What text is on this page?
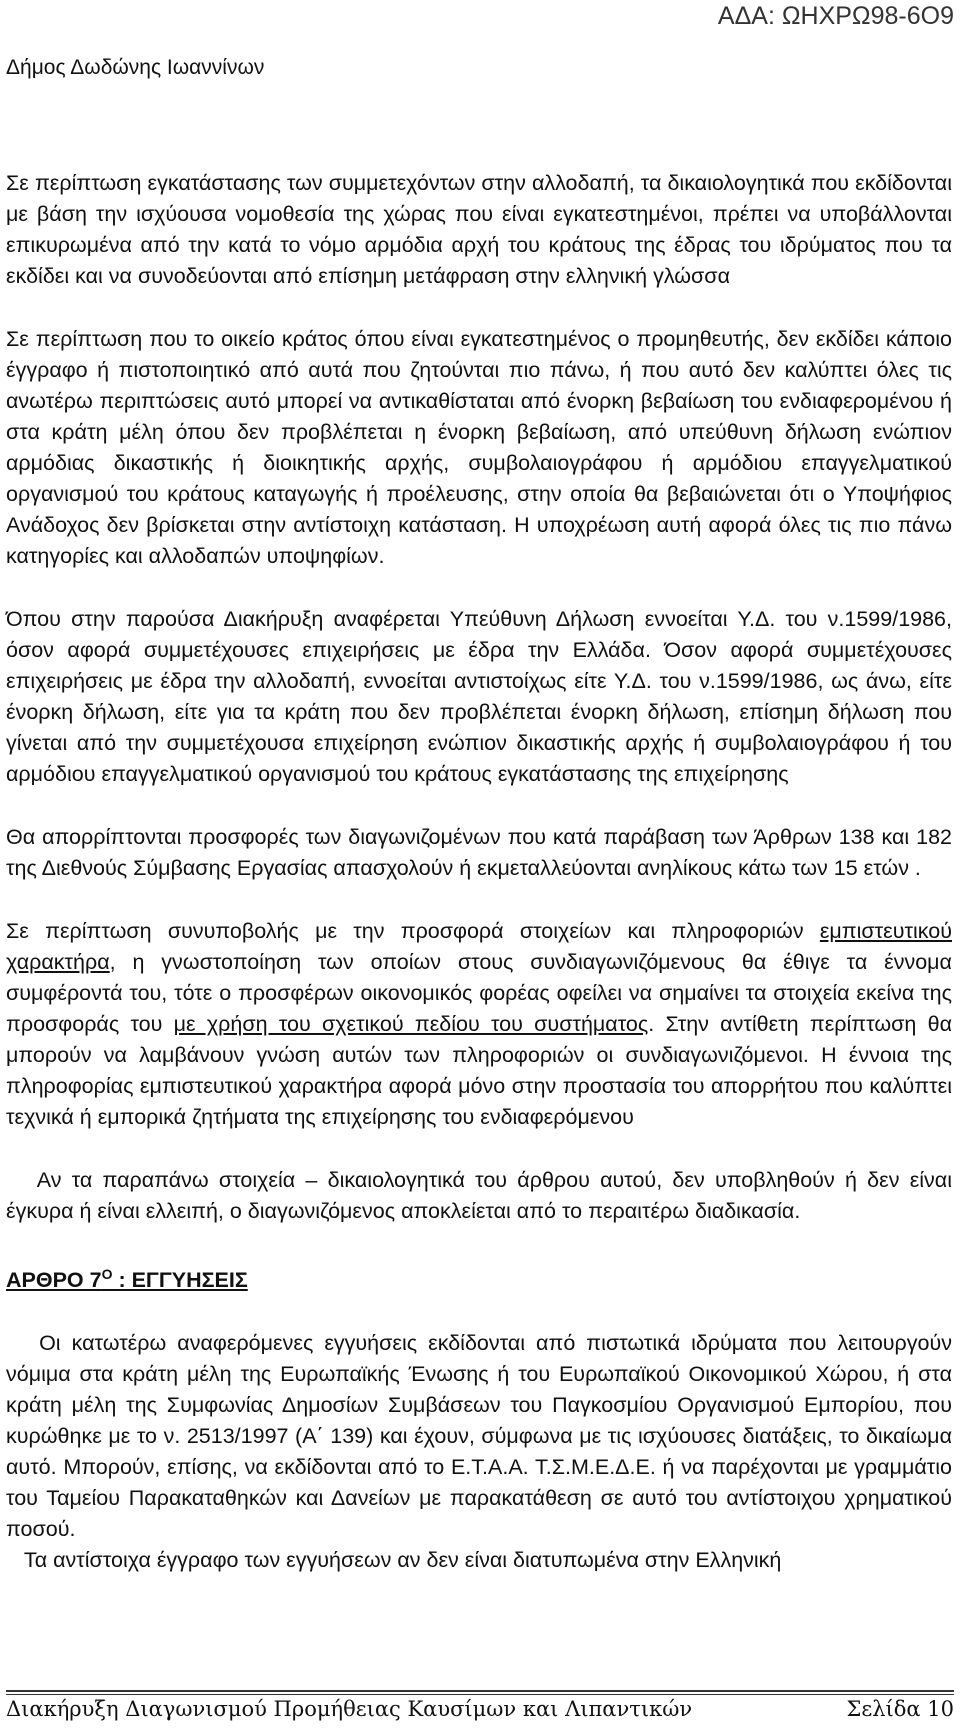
ΑΔΑ: ΩΗΧΡΩ98-6Ο9
Δήμος Δωδώνης Ιωαννίνων

Σε περίπτωση εγκατάστασης των συμμετεχόντων στην αλλοδαπή, τα δικαιολογητικά που εκδίδονται με βάση την ισχύουσα νομοθεσία της χώρας που είναι εγκατεστημένοι, πρέπει να υποβάλλονται επικυρωμένα από την κατά το νόμο αρμόδια αρχή του κράτους της έδρας του ιδρύματος που τα εκδίδει και να συνοδεύονται από επίσημη μετάφραση στην ελληνική γλώσσα

Σε περίπτωση που το οικείο κράτος όπου είναι εγκατεστημένος ο προμηθευτής, δεν εκδίδει κάποιο έγγραφο ή πιστοποιητικό από αυτά που ζητούνται πιο πάνω, ή που αυτό δεν καλύπτει όλες τις ανωτέρω περιπτώσεις αυτό μπορεί να αντικαθίσταται από ένορκη βεβαίωση του ενδιαφερομένου ή στα κράτη μέλη όπου δεν προβλέπεται η ένορκη βεβαίωση, από υπεύθυνη δήλωση ενώπιον αρμόδιας δικαστικής ή διοικητικής αρχής, συμβολαιογράφου ή αρμόδιου επαγγελματικού οργανισμού του κράτους καταγωγής ή προέλευσης, στην οποία θα βεβαιώνεται ότι ο Υποψήφιος Ανάδοχος δεν βρίσκεται στην αντίστοιχη κατάσταση. Η υποχρέωση αυτή αφορά όλες τις πιο πάνω κατηγορίες και αλλοδαπών υποψηφίων.

Όπου στην παρούσα Διακήρυξη αναφέρεται Υπεύθυνη Δήλωση εννοείται Υ.Δ. του ν.1599/1986, όσον αφορά συμμετέχουσες επιχειρήσεις με έδρα την Ελλάδα. Όσον αφορά συμμετέχουσες επιχειρήσεις με έδρα την αλλοδαπή, εννοείται αντιστοίχως είτε Υ.Δ. του ν.1599/1986, ως άνω, είτε ένορκη δήλωση, είτε για τα κράτη που δεν προβλέπεται ένορκη δήλωση, επίσημη δήλωση που γίνεται από την συμμετέχουσα επιχείρηση ενώπιον δικαστικής αρχής ή συμβολαιογράφου ή του αρμόδιου επαγγελματικού οργανισμού του κράτους εγκατάστασης της επιχείρησης

Θα απορρίπτονται προσφορές των διαγωνιζομένων που κατά παράβαση των Άρθρων 138 και 182 της Διεθνούς Σύμβασης Εργασίας απασχολούν ή εκμεταλλεύονται ανηλίκους κάτω των 15 ετών .

Σε περίπτωση συνυποβολής με την προσφορά στοιχείων και πληροφοριών εμπιστευτικού χαρακτήρα, η γνωστοποίηση των οποίων στους συνδιαγωνιζόμενους θα έθιγε τα έννομα συμφέροντά του, τότε ο προσφέρων οικονομικός φορέας οφείλει να σημαίνει τα στοιχεία εκείνα της προσφοράς του με χρήση του σχετικού πεδίου του συστήματος. Στην αντίθετη περίπτωση θα μπορούν να λαμβάνουν γνώση αυτών των πληροφοριών οι συνδιαγωνιζόμενοι. Η έννοια της πληροφορίας εμπιστευτικού χαρακτήρα αφορά μόνο στην προστασία του απορρήτου που καλύπτει τεχνικά ή εμπορικά ζητήματα της επιχείρησης του ενδιαφερόμενου

Αν τα παραπάνω στοιχεία – δικαιολογητικά του άρθρου αυτού, δεν υποβληθούν ή δεν είναι έγκυρα ή είναι ελλειπή, ο διαγωνιζόμενος αποκλείεται από το περαιτέρω διαδικασία.

ΑΡΘΡΟ $7^O$ : ΕΓΓΥΗΣΕΙΣ

Οι κατωτέρω αναφερόμενες εγγυήσεις εκδίδονται από πιστωτικά ιδρύματα που λειτουργούν νόμιμα στα κράτη μέλη της Ευρωπαϊκής Ένωσης ή του Ευρωπαϊκού Οικονομικού Χώρου, ή στα κράτη μέλη της Συμφωνίας Δημοσίων Συμβάσεων του Παγκοσμίου Οργανισμού Εμπορίου, που κυρώθηκε με το ν. 2513/1997 (Α΄ 139) και έχουν, σύμφωνα με τις ισχύουσες διατάξεις, το δικαίωμα αυτό. Μπορούν, επίσης, να εκδίδονται από το Ε.Τ.Α.Α. Τ.Σ.Μ.Ε.Δ.Ε. ή να παρέχονται με γραμμάτιο του Ταμείου Παρακαταθηκών και Δανείων με παρακατάθεση σε αυτό του αντίστοιχου χρηματικού ποσού.

Τα αντίστοιχα έγγραφο των εγγυήσεων αν δεν είναι διατυπωμένα στην Ελληνική

Διακήρυξη Διαγωνισμού Προμήθειας Καυσίμων και Λιπαντικών	Σελίδα 10
